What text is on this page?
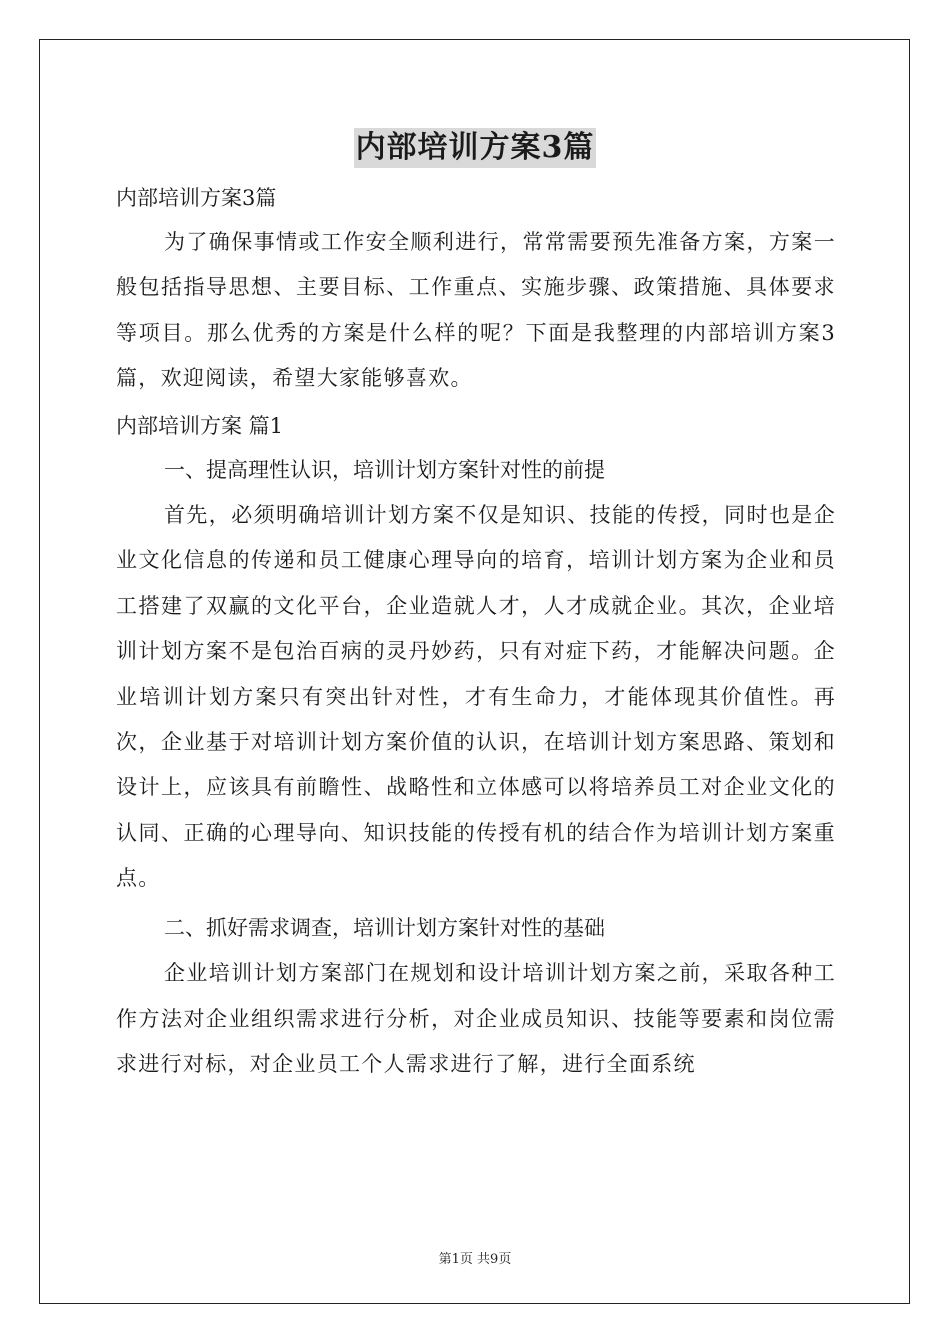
内部培训方案3篇

内部培训方案3篇

为了确保事情或工作安全顺利进行，常常需要预先准备方案，方案一般包括指导思想、主要目标、工作重点、实施步骤、政策措施、具体要求等项目。那么优秀的方案是什么样的呢？下面是我整理的内部培训方案3篇，欢迎阅读，希望大家能够喜欢。

内部培训方案 篇1

一、提高理性认识，培训计划方案针对性的前提

首先，必须明确培训计划方案不仅是知识、技能的传授，同时也是企业文化信息的传递和员工健康心理导向的培育，培训计划方案为企业和员工搭建了双赢的文化平台，企业造就人才，人才成就企业。其次，企业培训计划方案不是包治百病的灵丹妙药，只有对症下药，才能解决问题。企业培训计划方案只有突出针对性，才有生命力，才能体现其价值性。再次，企业基于对培训计划方案价值的认识，在培训计划方案思路、策划和设计上，应该具有前瞻性、战略性和立体感可以将培养员工对企业文化的认同、正确的心理导向、知识技能的传授有机的结合作为培训计划方案重点。

二、抓好需求调查，培训计划方案针对性的基础

企业培训计划方案部门在规划和设计培训计划方案之前，采取各种工作方法对企业组织需求进行分析，对企业成员知识、技能等要素和岗位需求进行对标，对企业员工个人需求进行了解，进行全面系统

第1页 共9页
